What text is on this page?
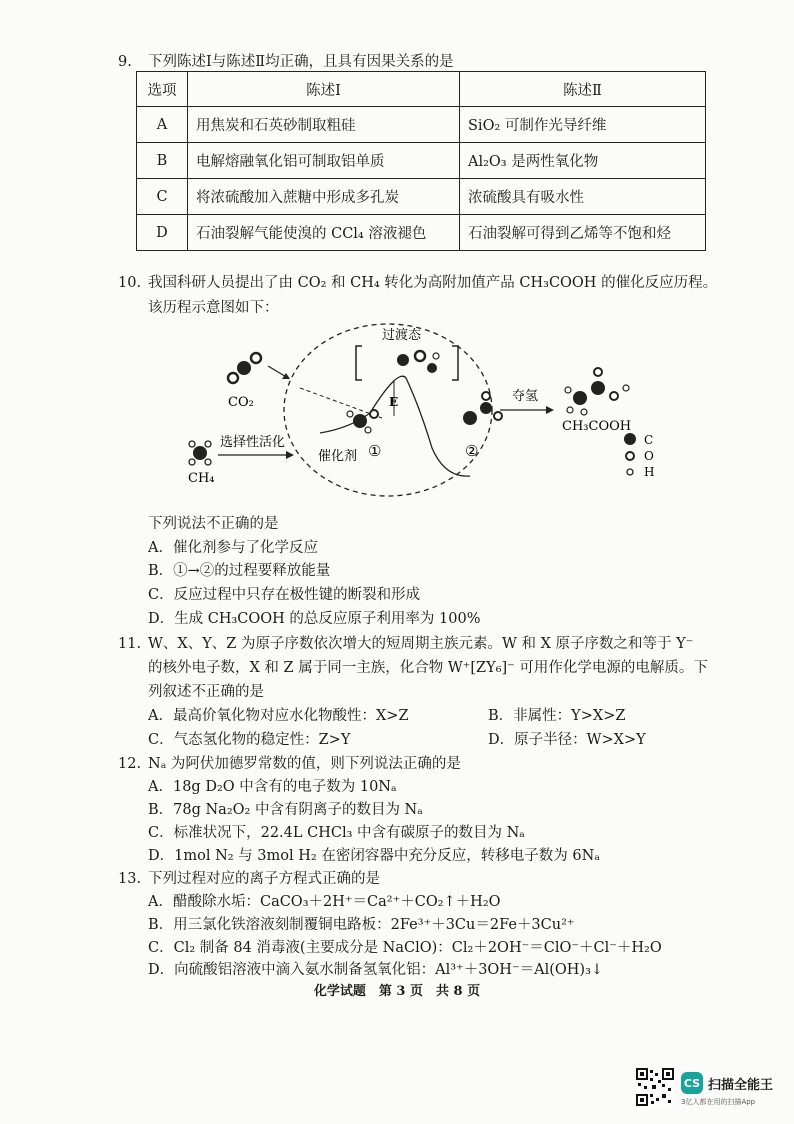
9. 下列陈述Ⅰ与陈述Ⅱ均正确，且具有因果关系的是
选项	陈述Ⅰ	陈述Ⅱ
A	用焦炭和石英砂制取粗硅	SiO₂ 可制作光导纤维
B	电解熔融氧化铝可制取铝单质	Al₂O₃ 是两性氧化物
C	将浓硫酸加入蔗糖中形成多孔炭	浓硫酸具有吸水性
D	石油裂解气能使溴的 CCl₄ 溶液褪色	石油裂解可得到乙烯等不饱和烃
10. 我国科研人员提出了由 CO₂ 和 CH₄ 转化为高附加值产品 CH₃COOH 的催化反应历程。
该历程示意图如下：
CO₂
CH₄
选择性活化
过渡态
E
催化剂 ①	②
夺氢
CH₃COOH
C
O
H
下列说法不正确的是
A．催化剂参与了化学反应
B．①→②的过程要释放能量
C．反应过程中只存在极性键的断裂和形成
D．生成 CH₃COOH 的总反应原子利用率为 100%
11. W、X、Y、Z 为原子序数依次增大的短周期主族元素。W 和 X 原子序数之和等于 Y⁻
的核外电子数，X 和 Z 属于同一主族，化合物 W⁺[ZY₆]⁻ 可用作化学电源的电解质。下
列叙述不正确的是
A．最高价氧化物对应水化物酸性：X>Z	B．非属性：Y>X>Z
C．气态氢化物的稳定性：Z>Y	D．原子半径：W>X>Y
12. Nₐ 为阿伏加德罗常数的值，则下列说法正确的是
A．18g D₂O 中含有的电子数为 10Nₐ
B．78g Na₂O₂ 中含有阴离子的数目为 Nₐ
C．标准状况下，22.4L CHCl₃ 中含有碳原子的数目为 Nₐ
D．1mol N₂ 与 3mol H₂ 在密闭容器中充分反应，转移电子数为 6Nₐ
13. 下列过程对应的离子方程式正确的是
A．醋酸除水垢：CaCO₃＋2H⁺＝Ca²⁺＋CO₂↑＋H₂O
B．用三氯化铁溶液刻制覆铜电路板：2Fe³⁺＋3Cu＝2Fe＋3Cu²⁺
C．Cl₂ 制备 84 消毒液(主要成分是 NaClO)：Cl₂＋2OH⁻＝ClO⁻＋Cl⁻＋H₂O
D．向硫酸铝溶液中滴入氨水制备氢氧化铝：Al³⁺＋3OH⁻＝Al(OH)₃↓
化学试题　第 3 页　共 8 页
CS 扫描全能王
3亿人都在用的扫描App
